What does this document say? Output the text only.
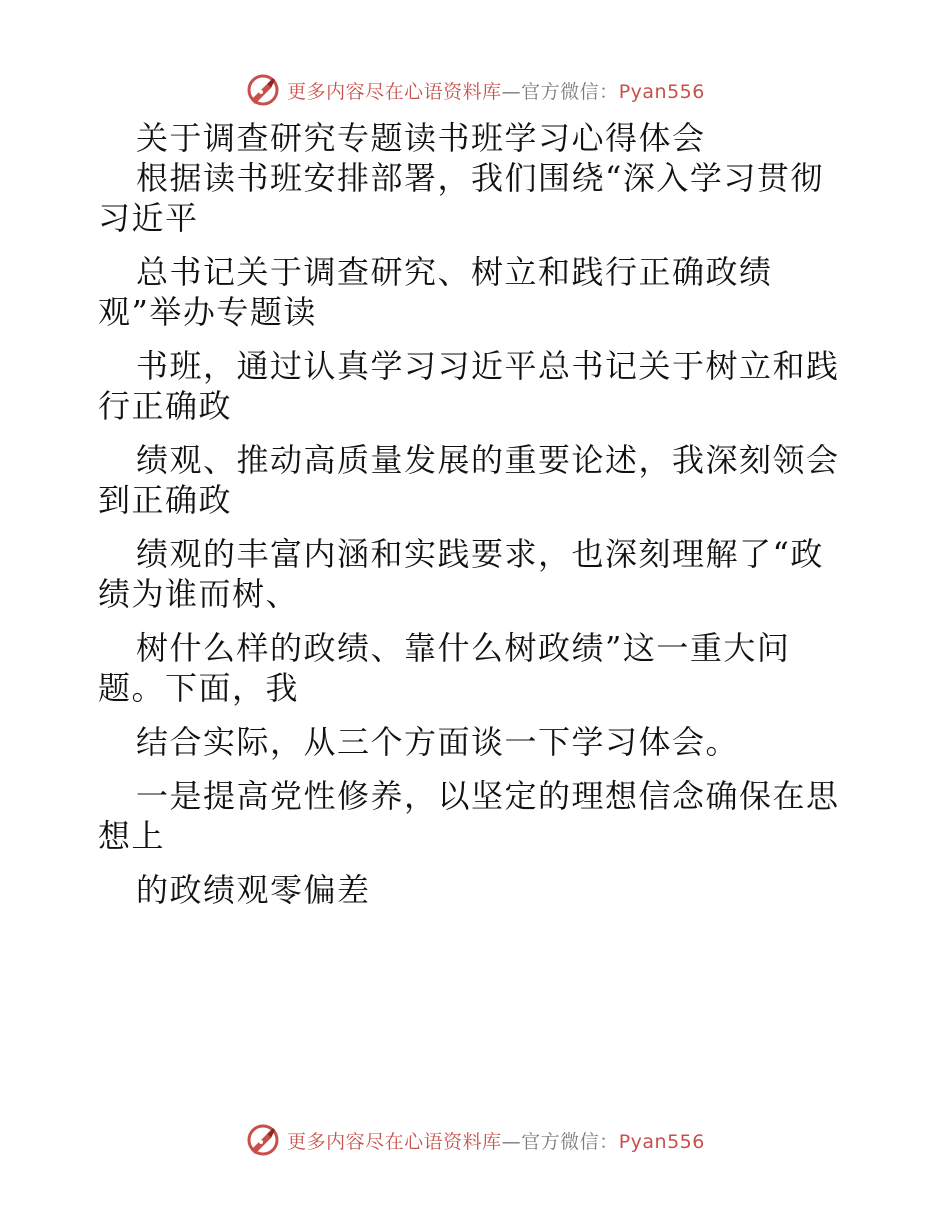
更多内容尽在心语资料库—官方微信：Pyan556
关于调查研究专题读书班学习心得体会
根据读书班安排部署，我们围绕“深入学习贯彻
习近平
总书记关于调查研究、树立和践行正确政绩
观”举办专题读
书班，通过认真学习习近平总书记关于树立和践
行正确政
绩观、推动高质量发展的重要论述，我深刻领会
到正确政
绩观的丰富内涵和实践要求，也深刻理解了“政
绩为谁而树、
树什么样的政绩、靠什么树政绩”这一重大问
题。下面，我
结合实际，从三个方面谈一下学习体会。
一是提高党性修养，以坚定的理想信念确保在思
想上
的政绩观零偏差
更多内容尽在心语资料库—官方微信：Pyan556
